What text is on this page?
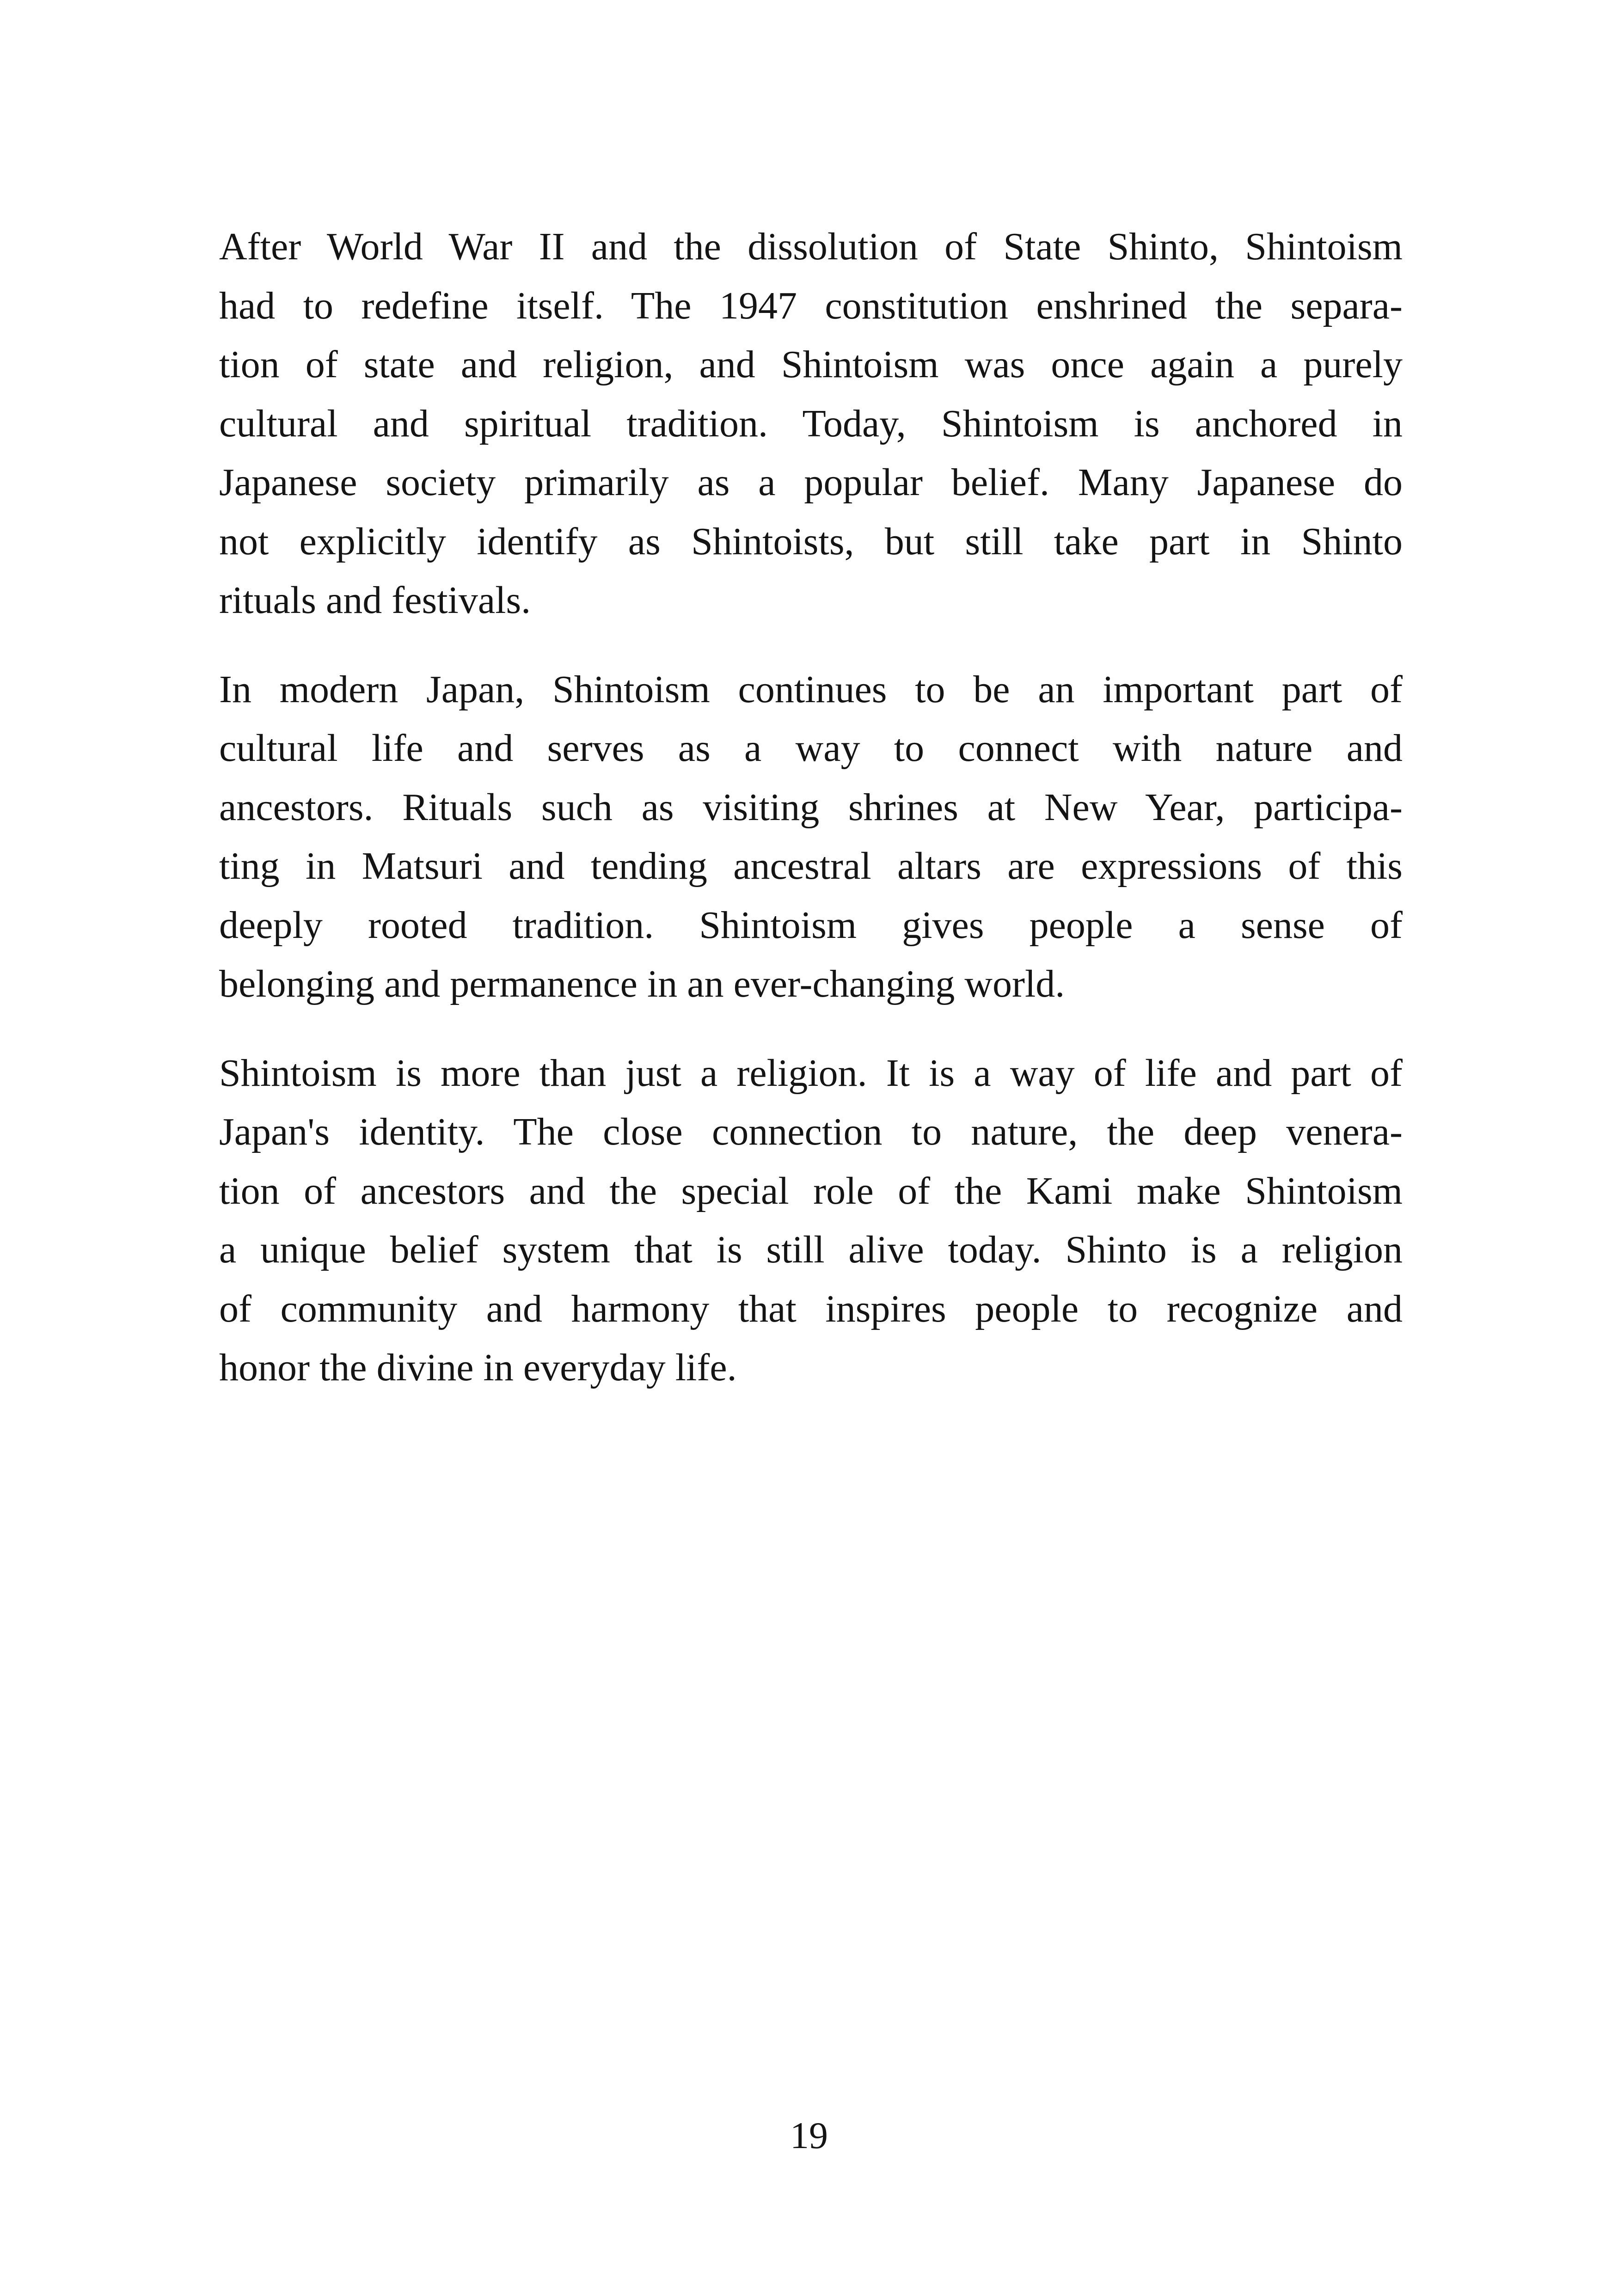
After World War II and the dissolution of State Shinto, Shintoism
had to redefine itself. The 1947 constitution enshrined the separa-
tion of state and religion, and Shintoism was once again a purely
cultural and spiritual tradition. Today, Shintoism is anchored in
Japanese society primarily as a popular belief. Many Japanese do
not explicitly identify as Shintoists, but still take part in Shinto
rituals and festivals.

In modern Japan, Shintoism continues to be an important part of
cultural life and serves as a way to connect with nature and
ancestors. Rituals such as visiting shrines at New Year, participa-
ting in Matsuri and tending ancestral altars are expressions of this
deeply rooted tradition. Shintoism gives people a sense of
belonging and permanence in an ever-changing world.

Shintoism is more than just a religion. It is a way of life and part of
Japan's identity. The close connection to nature, the deep venera-
tion of ancestors and the special role of the Kami make Shintoism
a unique belief system that is still alive today. Shinto is a religion
of community and harmony that inspires people to recognize and
honor the divine in everyday life.

19
